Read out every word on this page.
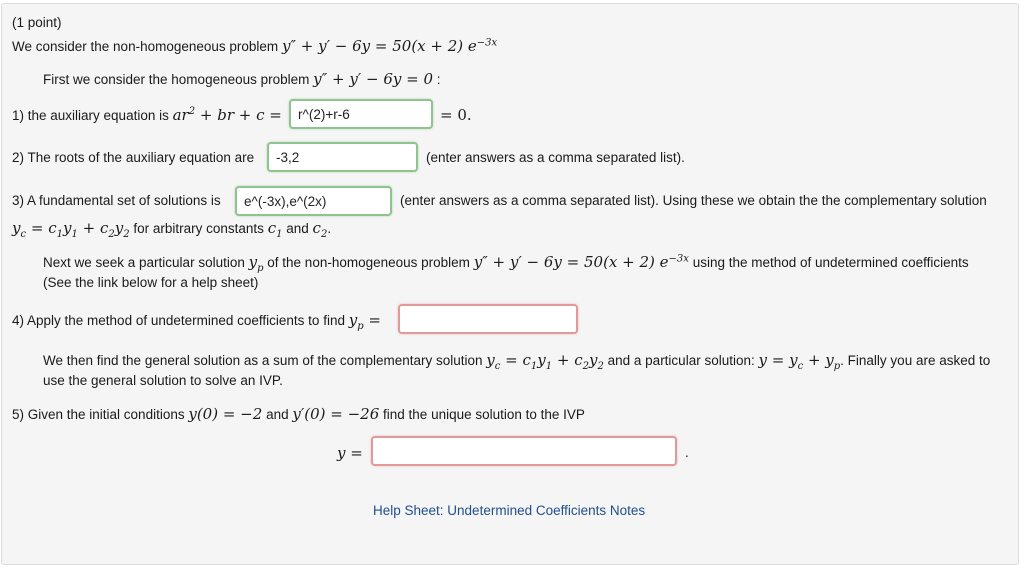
(1 point)
We consider the non-homogeneous problem y″ + y′ − 6y = 50(x + 2) $e^{-3x}$
First we consider the homogeneous problem y″ + y′ − 6y = 0 :
1) the auxiliary equation is $ar^2$ + br + c =
r^(2)+r-6	= 0.
2) The roots of the auxiliary equation are
-3,2	(enter answers as a comma separated list).
3) A fundamental set of solutions is
e^(-3x),e^(2x)	(enter answers as a comma separated list). Using these we obtain the the complementary solution
$y_c = c_1y_1 + c_2y_2$ for arbitrary constants $c_1$ and $c_2$.
Next we seek a particular solution $y_p$ of the non-homogeneous problem y″ + y′ − 6y = 50(x + 2) $e^{-3x}$ using the method of undetermined coefficients
(See the link below for a help sheet)
4) Apply the method of undetermined coefficients to find $y_p$ =
We then find the general solution as a sum of the complementary solution $y_c = c_1y_1 + c_2y_2$ and a particular solution: $y = y_c + y_p$. Finally you are asked to
use the general solution to solve an IVP.
5) Given the initial conditions y(0) = −2 and y′(0) = −26 find the unique solution to the IVP
y =	.
Help Sheet: Undetermined Coefficients Notes
